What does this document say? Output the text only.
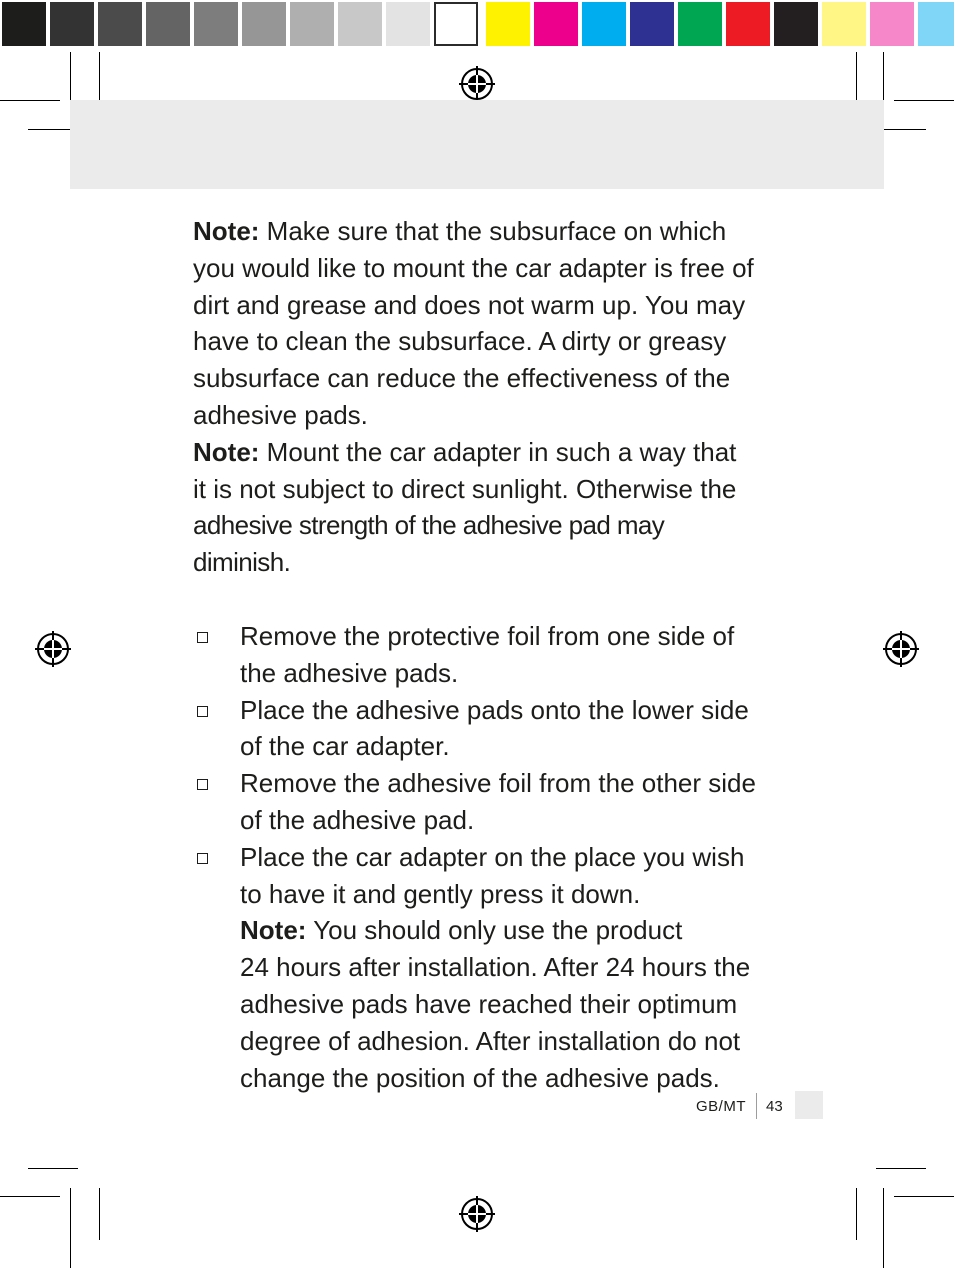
Note: Make sure that the subsurface on which
you would like to mount the car adapter is free of
dirt and grease and does not warm up. You may
have to clean the subsurface. A dirty or greasy
subsurface can reduce the effectiveness of the
adhesive pads.

Note: Mount the car adapter in such a way that
it is not subject to direct sunlight. Otherwise the
adhesive strength of the adhesive pad may diminish.

Remove the protective foil from one side of
the adhesive pads.
Place the adhesive pads onto the lower side
of the car adapter.
Remove the adhesive foil from the other side
of the adhesive pad.
Place the car adapter on the place you wish
to have it and gently press it down.
Note: You should only use the product
24 hours after installation. After 24 hours the
adhesive pads have reached their optimum
degree of adhesion. After installation do not
change the position of the adhesive pads.
GB/MT 43
